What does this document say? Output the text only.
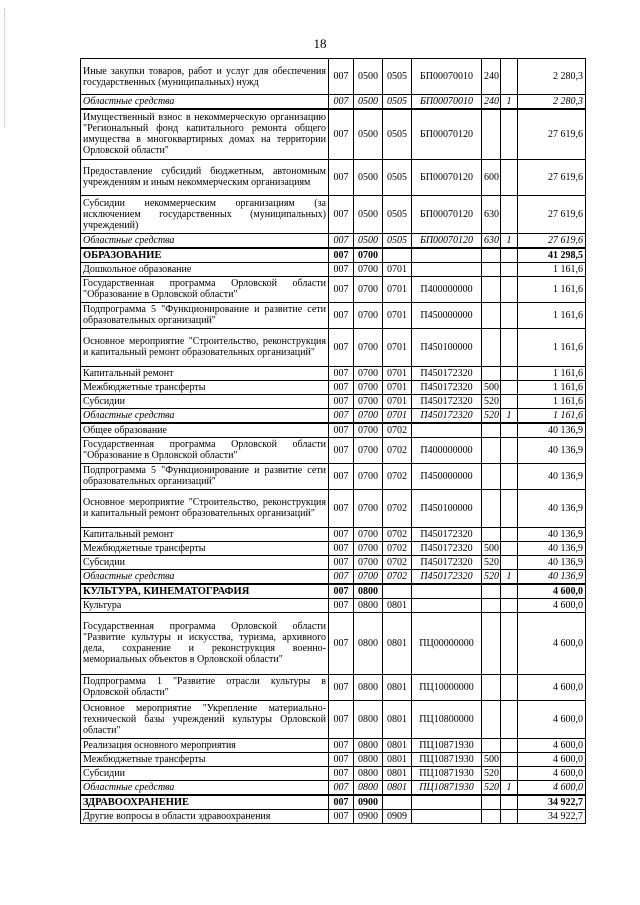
18
Иные закупки товаров, работ и услуг для обеспечения государственных (муниципальных) нужд	007	0500	0505	БП00070010	240		2 280,3
Областные средства	007	0500	0505	БП00070010	240	1	2 280,3
Имущественный взнос в некоммерческую организацию "Региональный фонд капитального ремонта общего имущества в многоквартирных домах на территории Орловской области"	007	0500	0505	БП00070120			27 619,6
Предоставление субсидий бюджетным, автономным учреждениям и иным некоммерческим организациям	007	0500	0505	БП00070120	600		27 619,6
Субсидии некоммерческим организациям (за исключением государственных (муниципальных) учреждений)	007	0500	0505	БП00070120	630		27 619,6
Областные средства	007	0500	0505	БП00070120	630	1	27 619,6
ОБРАЗОВАНИЕ	007	0700					41 298,5
Дошкольное образование	007	0700	0701				1 161,6
Государственная программа Орловской области "Образование в Орловской области"	007	0700	0701	П400000000			1 161,6
Подпрограмма 5 "Функционирование и развитие сети образовательных организаций"	007	0700	0701	П450000000			1 161,6
Основное мероприятие "Строительство, реконструкция и капитальный ремонт образовательных организаций"	007	0700	0701	П450100000			1 161,6
Капитальный ремонт	007	0700	0701	П450172320			1 161,6
Межбюджетные трансферты	007	0700	0701	П450172320	500		1 161,6
Субсидии	007	0700	0701	П450172320	520		1 161,6
Областные средства	007	0700	0701	П450172320	520	1	1 161,6
Общее образование	007	0700	0702				40 136,9
Государственная программа Орловской области "Образование в Орловской области"	007	0700	0702	П400000000			40 136,9
Подпрограмма 5 "Функционирование и развитие сети образовательных организаций"	007	0700	0702	П450000000			40 136,9
Основное мероприятие "Строительство, реконструкция и капитальный ремонт образовательных организаций"	007	0700	0702	П450100000			40 136,9
Капитальный ремонт	007	0700	0702	П450172320			40 136,9
Межбюджетные трансферты	007	0700	0702	П450172320	500		40 136,9
Субсидии	007	0700	0702	П450172320	520		40 136,9
Областные средства	007	0700	0702	П450172320	520	1	40 136,9
КУЛЬТУРА, КИНЕМАТОГРАФИЯ	007	0800					4 600,0
Культура	007	0800	0801				4 600,0
Государственная программа Орловской области "Развитие культуры и искусства, туризма, архивного дела, сохранение и реконструкция военно-мемориальных объектов в Орловской области"	007	0800	0801	ПЦ00000000			4 600,0
Подпрограмма 1 "Развитие отрасли культуры в Орловской области"	007	0800	0801	ПЦ10000000			4 600,0
Основное мероприятие "Укрепление материально-технической базы учреждений культуры Орловской области"	007	0800	0801	ПЦ10800000			4 600,0
Реализация основного мероприятия	007	0800	0801	ПЦ10871930			4 600,0
Межбюджетные трансферты	007	0800	0801	ПЦ10871930	500		4 600,0
Субсидии	007	0800	0801	ПЦ10871930	520		4 600,0
Областные средства	007	0800	0801	ПЦ10871930	520	1	4 600,0
ЗДРАВООХРАНЕНИЕ	007	0900					34 922,7
Другие вопросы в области здравоохранения	007	0900	0909				34 922,7
